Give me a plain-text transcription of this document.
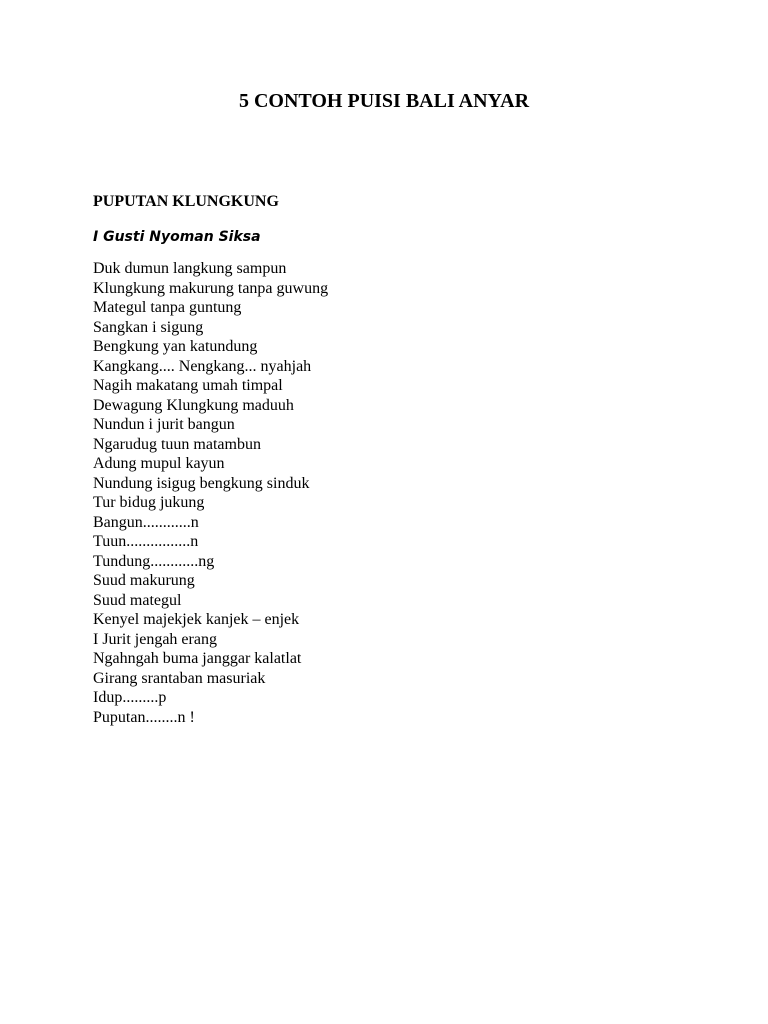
5 CONTOH PUISI BALI ANYAR
PUPUTAN KLUNGKUNG

I Gusti Nyoman Siksa

Duk dumun langkung sampun
Klungkung makurung tanpa guwung
Mategul tanpa guntung
Sangkan i sigung
Bengkung yan katundung
Kangkang.... Nengkang... nyahjah
Nagih makatang umah timpal
Dewagung Klungkung maduuh
Nundun i jurit bangun
Ngarudug tuun matambun
Adung mupul kayun
Nundung isigug bengkung sinduk
Tur bidug jukung
Bangun............n
Tuun................n
Tundung............ng
Suud makurung
Suud mategul
Kenyel majekjek kanjek – enjek
I Jurit jengah erang
Ngahngah buma janggar kalatlat
Girang srantaban masuriak
Idup.........p
Puputan........n !
